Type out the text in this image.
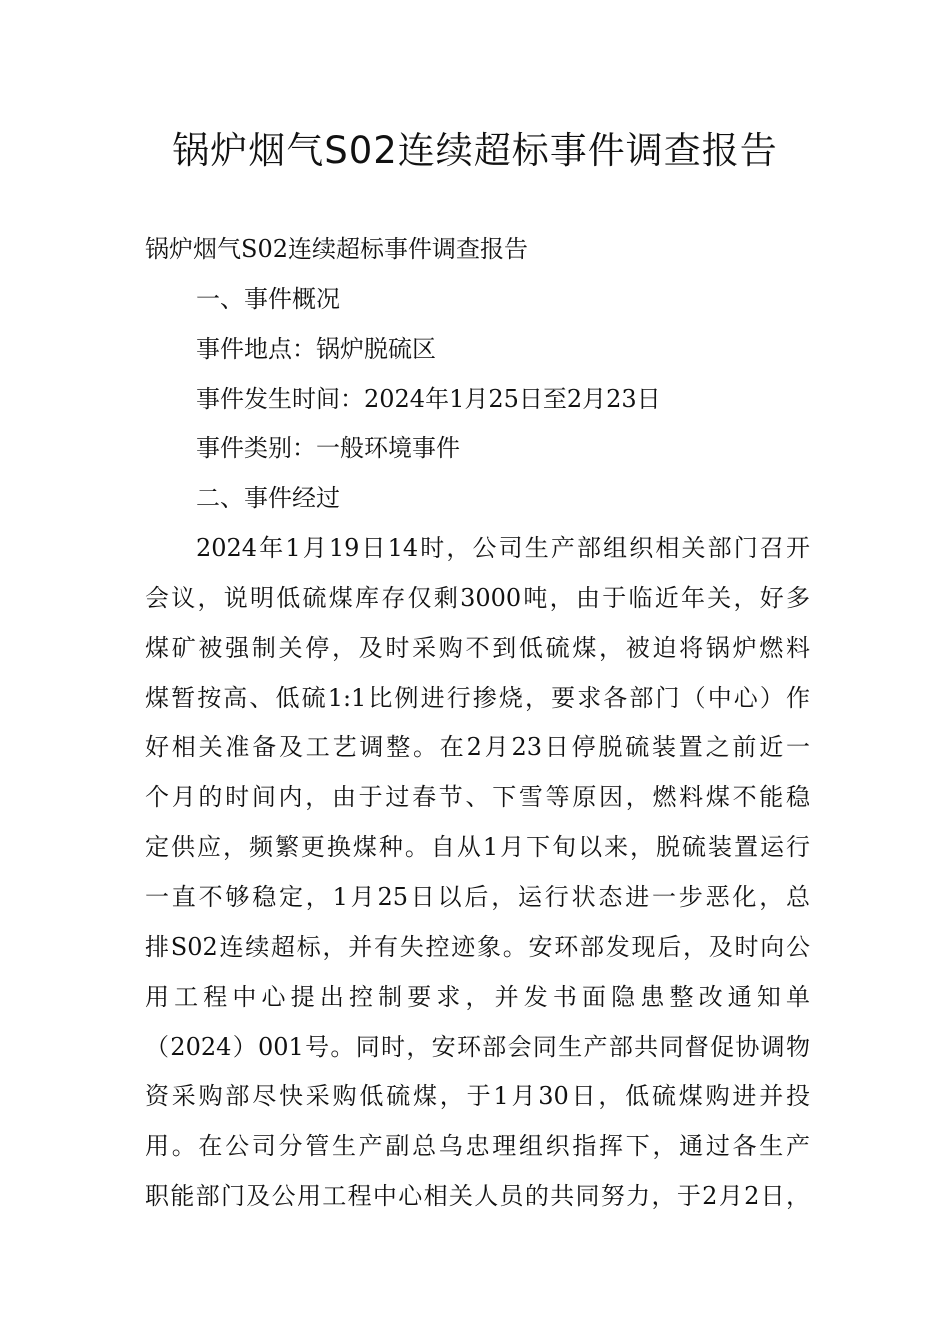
锅炉烟气S02连续超标事件调查报告

锅炉烟气S02连续超标事件调查报告

一、事件概况

事件地点：锅炉脱硫区

事件发生时间：2024年1月25日至2月23日

事件类别：一般环境事件

二、事件经过

2024年1月19日14时，公司生产部组织相关部门召开

会议，说明低硫煤库存仅剩3000吨，由于临近年关，好多

煤矿被强制关停，及时采购不到低硫煤，被迫将锅炉燃料

煤暂按高、低硫1:1比例进行掺烧，要求各部门（中心）作

好相关准备及工艺调整。在2月23日停脱硫装置之前近一

个月的时间内，由于过春节、下雪等原因，燃料煤不能稳

定供应，频繁更换煤种。自从1月下旬以来，脱硫装置运行

一直不够稳定，1月25日以后，运行状态进一步恶化，总

排S02连续超标，并有失控迹象。安环部发现后，及时向公

用工程中心提出控制要求，并发书面隐患整改通知单

（2024）001号。同时，安环部会同生产部共同督促协调物

资采购部尽快采购低硫煤，于1月30日，低硫煤购进并投

用。在公司分管生产副总乌忠理组织指挥下，通过各生产

职能部门及公用工程中心相关人员的共同努力，于2月2日，
